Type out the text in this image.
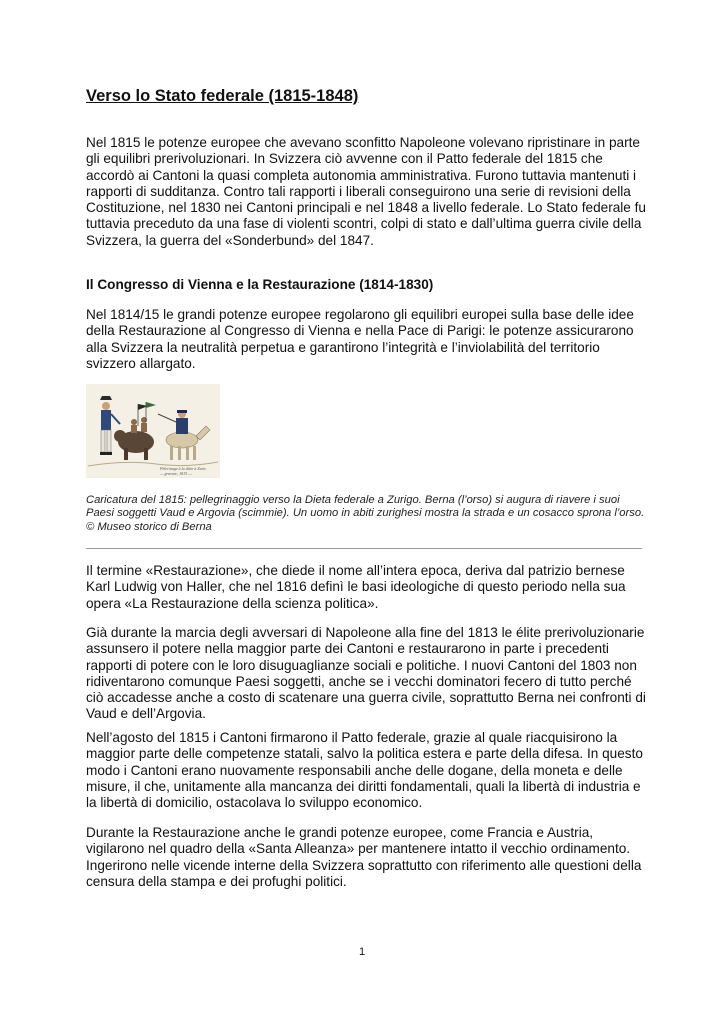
Verso lo Stato federale (1815-1848)

Nel 1815 le potenze europee che avevano sconfitto Napoleone volevano ripristinare in parte gli equilibri prerivoluzionari. In Svizzera ciò avvenne con il Patto federale del 1815 che accordò ai Cantoni la quasi completa autonomia amministrativa. Furono tuttavia mantenuti i rapporti di sudditanza. Contro tali rapporti i liberali conseguirono una serie di revisioni della Costituzione, nel 1830 nei Cantoni principali e nel 1848 a livello federale. Lo Stato federale fu tuttavia preceduto da una fase di violenti scontri, colpi di stato e dall’ultima guerra civile della Svizzera, la guerra del «Sonderbund» del 1847.

Il Congresso di Vienna e la Restaurazione (1814-1830)

Nel 1814/15 le grandi potenze europee regolarono gli equilibri europei sulla base delle idee della Restaurazione al Congresso di Vienna e nella Pace di Parigi: le potenze assicurarono alla Svizzera la neutralità perpetua e garantirono l’integrità e l’inviolabilità del territorio svizzero allargato.

Pèlerinage à la diète à Zuric
— gravure, 1815 —

Caricatura del 1815: pellegrinaggio verso la Dieta federale a Zurigo. Berna (l’orso) si augura di riavere i suoi Paesi soggetti Vaud e Argovia (scimmie). Un uomo in abiti zurighesi mostra la strada e un cosacco sprona l’orso. © Museo storico di Berna

Il termine «Restaurazione», che diede il nome all’intera epoca, deriva dal patrizio bernese Karl Ludwig von Haller, che nel 1816 definì le basi ideologiche di questo periodo nella sua opera «La Restaurazione della scienza politica».

Già durante la marcia degli avversari di Napoleone alla fine del 1813 le élite prerivoluzionarie assunsero il potere nella maggior parte dei Cantoni e restaurarono in parte i precedenti rapporti di potere con le loro disuguaglianze sociali e politiche. I nuovi Cantoni del 1803 non ridiventarono comunque Paesi soggetti, anche se i vecchi dominatori fecero di tutto perché ciò accadesse anche a costo di scatenare una guerra civile, soprattutto Berna nei confronti di Vaud e dell’Argovia.

Nell’agosto del 1815 i Cantoni firmarono il Patto federale, grazie al quale riacquisirono la maggior parte delle competenze statali, salvo la politica estera e parte della difesa. In questo modo i Cantoni erano nuovamente responsabili anche delle dogane, della moneta e delle misure, il che, unitamente alla mancanza dei diritti fondamentali, quali la libertà di industria e la libertà di domicilio, ostacolava lo sviluppo economico.

Durante la Restaurazione anche le grandi potenze europee, come Francia e Austria, vigilarono nel quadro della «Santa Alleanza» per mantenere intatto il vecchio ordinamento. Ingerirono nelle vicende interne della Svizzera soprattutto con riferimento alle questioni della censura della stampa e dei profughi politici.

1
